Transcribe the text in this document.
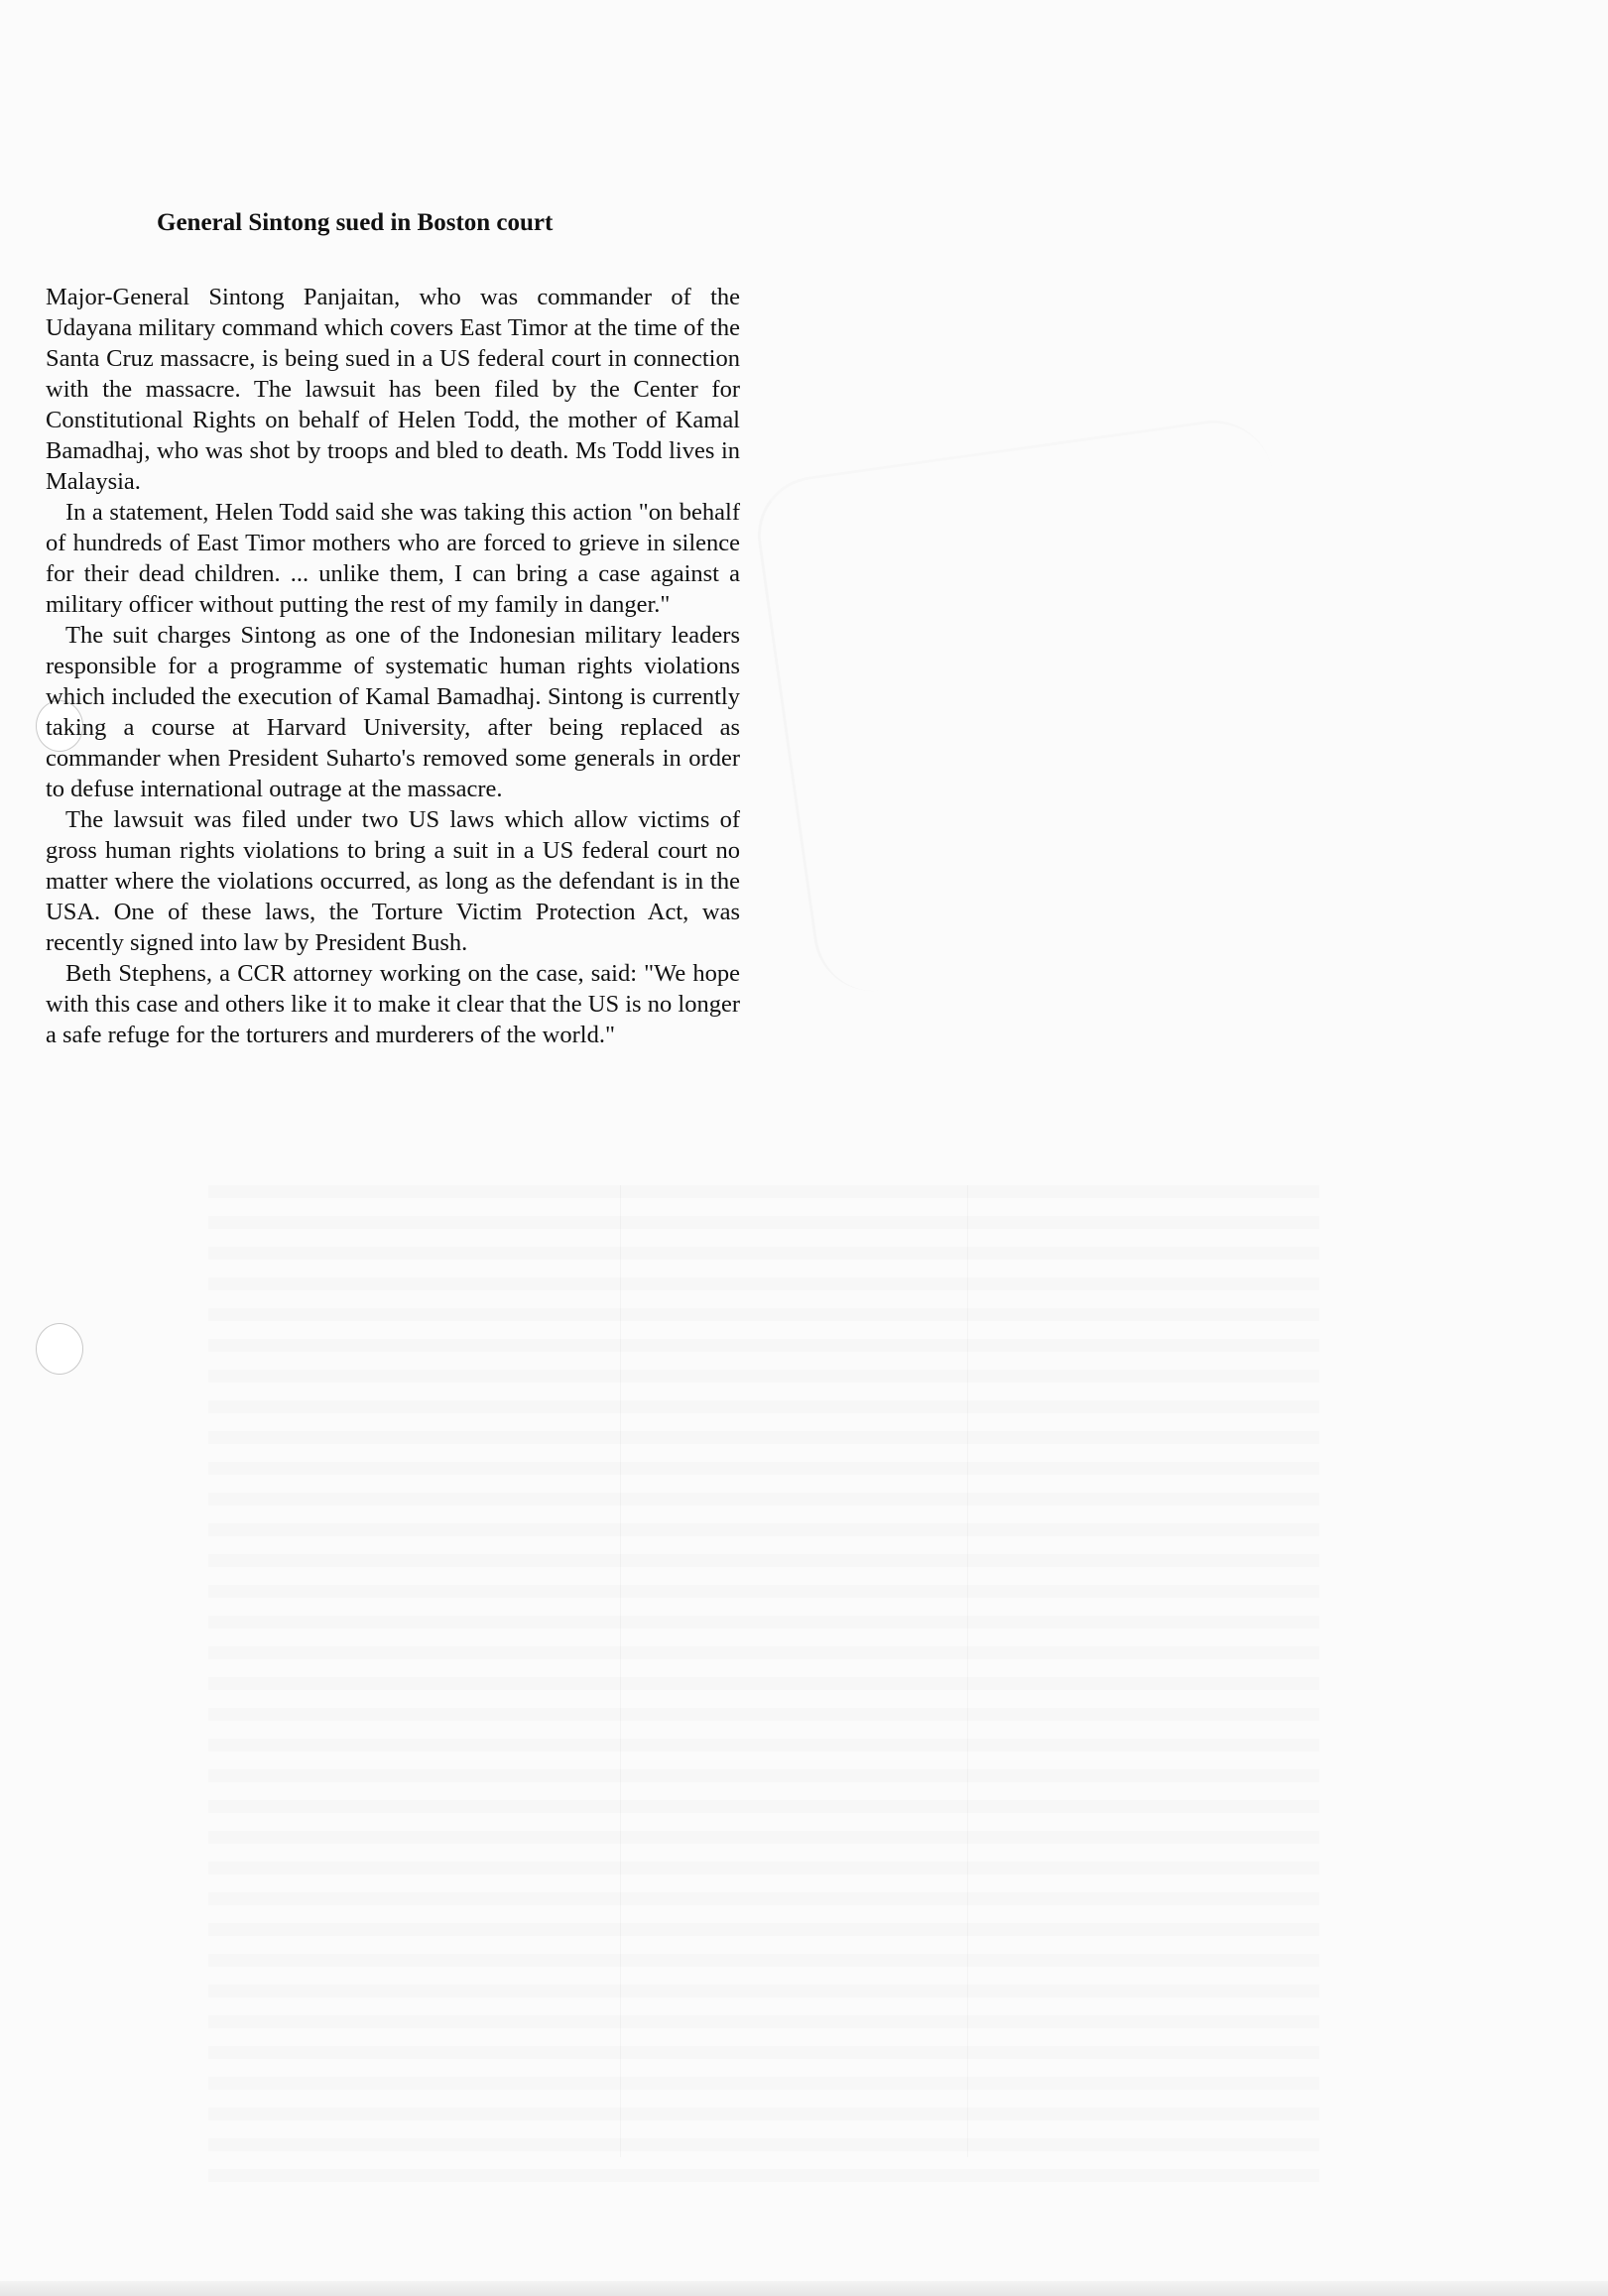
General Sintong sued in Boston court

Major-General Sintong Panjaitan, who was commander of the Udayana military command which covers East Timor at the time of the Santa Cruz massacre, is being sued in a US federal court in connection with the massacre. The lawsuit has been filed by the Center for Constitutional Rights on behalf of Helen Todd, the mother of Kamal Bamadhaj, who was shot by troops and bled to death. Ms Todd lives in Malaysia.

In a statement, Helen Todd said she was taking this action "on behalf of hundreds of East Timor mothers who are forced to grieve in silence for their dead children. ... unlike them, I can bring a case against a military officer without putting the rest of my family in danger."

The suit charges Sintong as one of the Indonesian military leaders responsible for a programme of systematic human rights violations which included the execution of Kamal Bamadhaj. Sintong is currently taking a course at Harvard University, after being replaced as commander when President Suharto's removed some generals in order to defuse international outrage at the massacre.

The lawsuit was filed under two US laws which allow victims of gross human rights violations to bring a suit in a US federal court no matter where the violations occurred, as long as the defendant is in the USA. One of these laws, the Torture Victim Protection Act, was recently signed into law by President Bush.

Beth Stephens, a CCR attorney working on the case, said: "We hope with this case and others like it to make it clear that the US is no longer a safe refuge for the torturers and murderers of the world."
